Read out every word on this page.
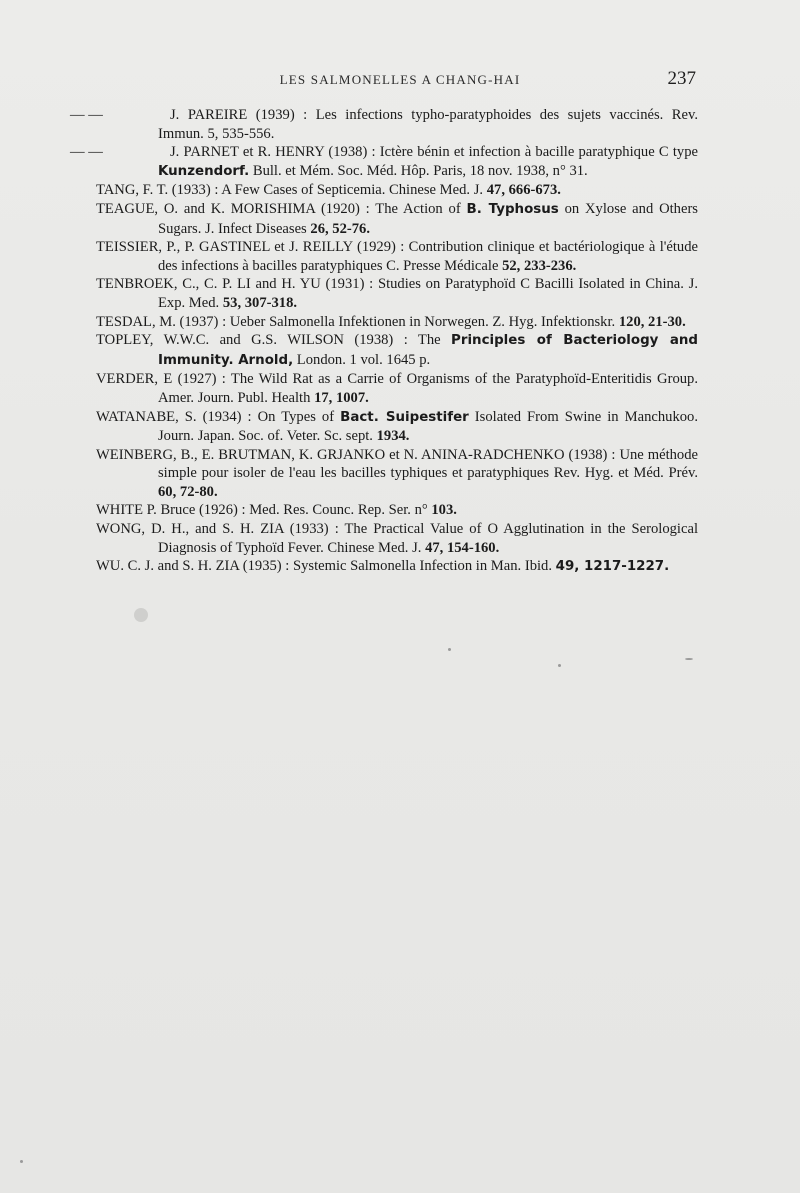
LES SALMONELLES A CHANG-HAI	237

— —	J. PAREIRE (1939) : Les infections typho-paratyphoides des sujets vaccinés. Rev. Immun. 5, 535-556.

— —	J. PARNET et R. HENRY (1938) : Ictère bénin et infection à bacille paratyphique C type Kunzendorf. Bull. et Mém. Soc. Méd. Hôp. Paris, 18 nov. 1938, n° 31.

TANG, F. T. (1933) : A Few Cases of Septicemia. Chinese Med. J. 47, 666-673.

TEAGUE, O. and K. MORISHIMA (1920) : The Action of B. Typhosus on Xylose and Others Sugars. J. Infect Diseases 26, 52-76.

TEISSIER, P., P. GASTINEL et J. REILLY (1929) : Contribution clinique et bactériologique à l'étude des infections à bacilles paratyphiques C. Presse Médicale 52, 233-236.

TENBROEK, C., C. P. LI and H. YU (1931) : Studies on Paratyphoïd C Bacilli Isolated in China. J. Exp. Med. 53, 307-318.

TESDAL, M. (1937) : Ueber Salmonella Infektionen in Norwegen. Z. Hyg. Infektionskr. 120, 21-30.

TOPLEY, W.W.C. and G.S. WILSON (1938) : The Principles of Bacteriology and Immunity. Arnold, London. 1 vol. 1645 p.

VERDER, E (1927) : The Wild Rat as a Carrie of Organisms of the Paratyphoïd-Enteritidis Group. Amer. Journ. Publ. Health 17, 1007.

WATANABE, S. (1934) : On Types of Bact. Suipestifer Isolated From Swine in Manchukoo. Journ. Japan. Soc. of. Veter. Sc. sept. 1934.

WEINBERG, B., E. BRUTMAN, K. GRJANKO et N. ANINA-RADCHENKO (1938) : Une méthode simple pour isoler de l'eau les bacilles typhiques et paratyphiques Rev. Hyg. et Méd. Prév. 60, 72-80.

WHITE P. Bruce (1926) : Med. Res. Counc. Rep. Ser. n° 103.

WONG, D. H., and S. H. ZIA (1933) : The Practical Value of O Agglutination in the Serological Diagnosis of Typhoïd Fever. Chinese Med. J. 47, 154-160.

WU. C. J. and S. H. ZIA (1935) : Systemic Salmonella Infection in Man. Ibid. 49, 1217-1227.
